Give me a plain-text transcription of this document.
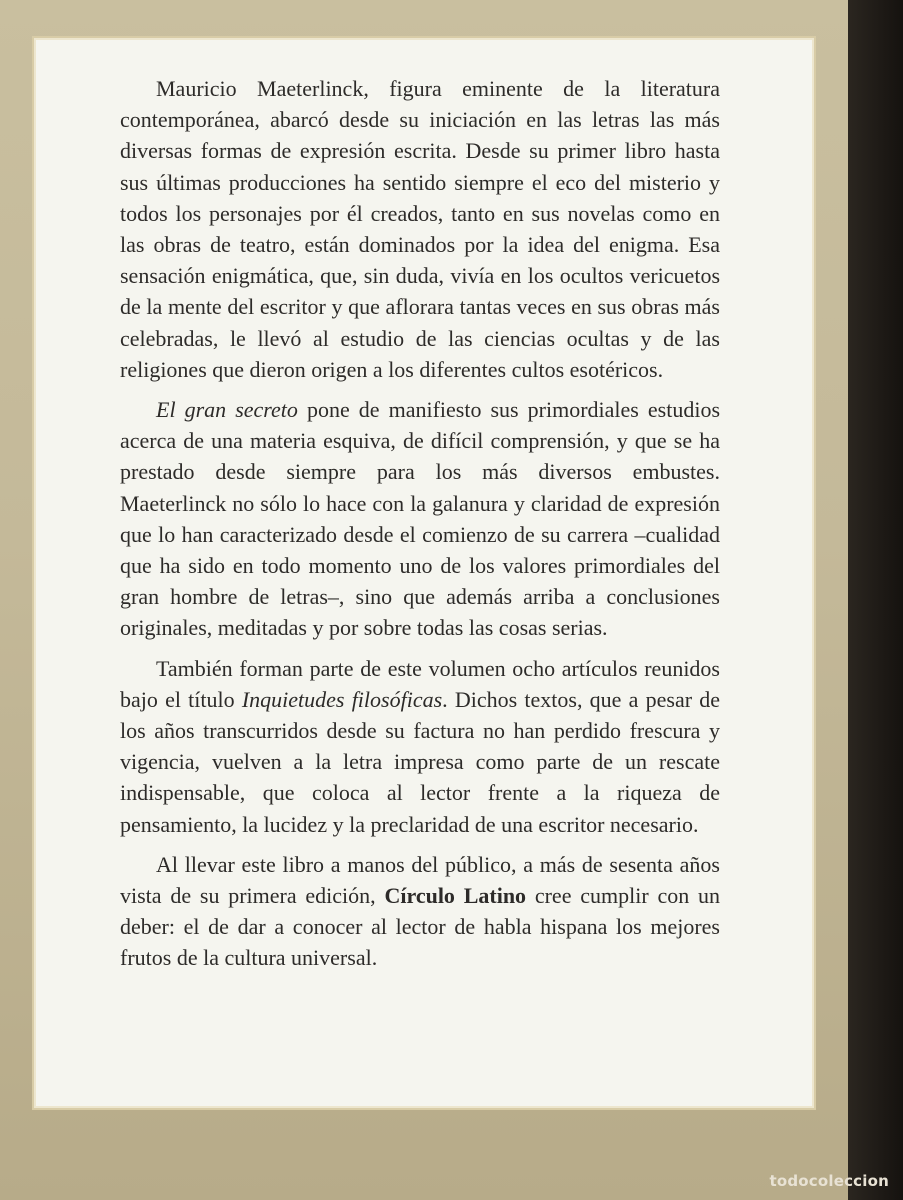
Mauricio Maeterlinck, figura eminente de la literatura contemporánea, abarcó desde su iniciación en las letras las más diversas formas de expresión escrita. Desde su primer libro hasta sus últimas producciones ha sentido siempre el eco del misterio y todos los personajes por él creados, tanto en sus novelas como en las obras de teatro, están dominados por la idea del enigma. Esa sensación enigmática, que, sin duda, vivía en los ocultos vericuetos de la mente del escritor y que aflorara tantas veces en sus obras más celebradas, le llevó al estudio de las ciencias ocultas y de las religiones que dieron origen a los diferentes cultos esotéricos.

El gran secreto pone de manifiesto sus primordiales estudios acerca de una materia esquiva, de difícil comprensión, y que se ha prestado desde siempre para los más diversos embustes. Maeterlinck no sólo lo hace con la galanura y claridad de expresión que lo han caracterizado desde el comienzo de su carrera –cualidad que ha sido en todo momento uno de los valores primordiales del gran hombre de letras–, sino que además arriba a conclusiones originales, meditadas y por sobre todas las cosas serias.

También forman parte de este volumen ocho artículos reunidos bajo el título Inquietudes filosóficas. Dichos textos, que a pesar de los años transcurridos desde su factura no han perdido frescura y vigencia, vuelven a la letra impresa como parte de un rescate indispensable, que coloca al lector frente a la riqueza de pensamiento, la lucidez y la preclaridad de una escritor necesario.

Al llevar este libro a manos del público, a más de sesenta años vista de su primera edición, Círculo Latino cree cumplir con un deber: el de dar a conocer al lector de habla hispana los mejores frutos de la cultura universal.

todocoleccion
